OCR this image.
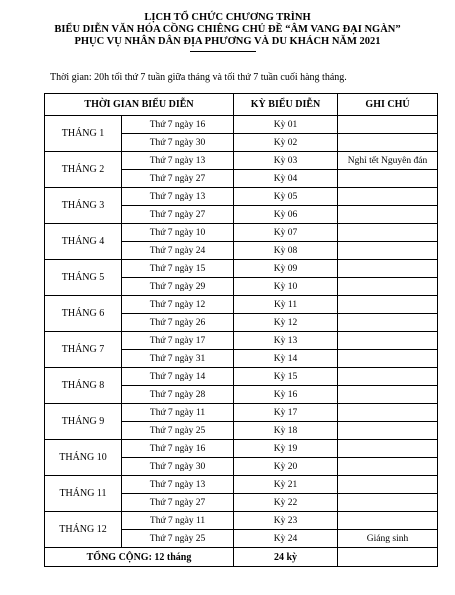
LỊCH TỔ CHỨC CHƯƠNG TRÌNH
BIỂU DIỄN VĂN HÓA CỒNG CHIÊNG CHỦ ĐỀ “ÂM VANG ĐẠI NGÀN”
PHỤC VỤ NHÂN DÂN ĐỊA PHƯƠNG VÀ DU KHÁCH NĂM 2021
Thời gian: 20h tối thứ 7 tuần giữa tháng và tối thứ 7 tuần cuối hàng tháng.
THỜI GIAN BIỂU DIỄN		KỲ BIỂU DIỄN	GHI CHÚ
THÁNG 1	Thứ 7 ngày 16	Kỳ 01	
	Thứ 7 ngày 30	Kỳ 02	
THÁNG 2	Thứ 7 ngày 13	Kỳ 03	Nghỉ tết Nguyên đán
	Thứ 7 ngày 27	Kỳ 04	
THÁNG 3	Thứ 7 ngày 13	Kỳ 05	
	Thứ 7 ngày 27	Kỳ 06	
THÁNG 4	Thứ 7 ngày 10	Kỳ 07	
	Thứ 7 ngày 24	Kỳ 08	
THÁNG 5	Thứ 7 ngày 15	Kỳ 09	
	Thứ 7 ngày 29	Kỳ 10	
THÁNG 6	Thứ 7 ngày 12	Kỳ 11	
	Thứ 7 ngày 26	Kỳ 12	
THÁNG 7	Thứ 7 ngày 17	Kỳ 13	
	Thứ 7 ngày 31	Kỳ 14	
THÁNG 8	Thứ 7 ngày 14	Kỳ 15	
	Thứ 7 ngày 28	Kỳ 16	
THÁNG 9	Thứ 7 ngày 11	Kỳ 17	
	Thứ 7 ngày 25	Kỳ 18	
THÁNG 10	Thứ 7 ngày 16	Kỳ 19	
	Thứ 7 ngày 30	Kỳ 20	
THÁNG 11	Thứ 7 ngày 13	Kỳ 21	
	Thứ 7 ngày 27	Kỳ 22	
THÁNG 12	Thứ 7 ngày 11	Kỳ 23	
	Thứ 7 ngày 25	Kỳ 24	Giáng sinh
TỔNG CỘNG: 12 tháng		24 kỳ	
